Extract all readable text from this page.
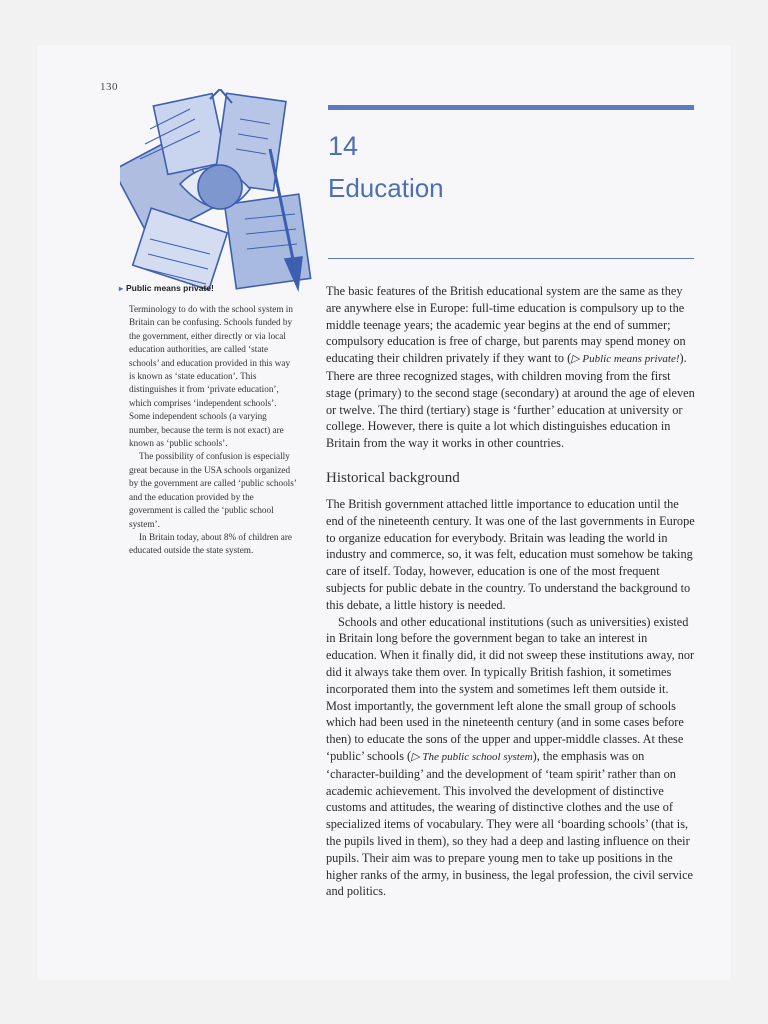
130
14
Education
▸ Public means private!

Terminology to do with the school system in Britain can be confusing. Schools funded by the government, either directly or via local education authorities, are called ‘state schools’ and education provided in this way is known as ‘state education’. This distinguishes it from ‘private education’, which comprises ‘independent schools’. Some independent schools (a varying number, because the term is not exact) are known as ‘public schools’.

The possibility of confusion is especially great because in the USA schools organized by the government are called ‘public schools’ and the education provided by the government is called the ‘public school system’.

In Britain today, about 8% of children are educated outside the state system.

The basic features of the British educational system are the same as they are anywhere else in Europe: full-time education is compulsory up to the middle teenage years; the academic year begins at the end of summer; compulsory education is free of charge, but parents may spend money on educating their children privately if they want to (▷ Public means private!). There are three recognized stages, with children moving from the first stage (primary) to the second stage (secondary) at around the age of eleven or twelve. The third (tertiary) stage is ‘further’ education at university or college. However, there is quite a lot which distinguishes education in Britain from the way it works in other countries.

Historical background

The British government attached little importance to education until the end of the nineteenth century. It was one of the last governments in Europe to organize education for everybody. Britain was leading the world in industry and commerce, so, it was felt, education must somehow be taking care of itself. Today, however, education is one of the most frequent subjects for public debate in the country. To understand the background to this debate, a little history is needed.

Schools and other educational institutions (such as universities) existed in Britain long before the government began to take an interest in education. When it finally did, it did not sweep these institutions away, nor did it always take them over. In typically British fashion, it sometimes incorporated them into the system and sometimes left them outside it. Most importantly, the government left alone the small group of schools which had been used in the nineteenth century (and in some cases before then) to educate the sons of the upper and upper-middle classes. At these ‘public’ schools (▷ The public school system), the emphasis was on ‘character-building’ and the development of ‘team spirit’ rather than on academic achievement. This involved the development of distinctive customs and attitudes, the wearing of distinctive clothes and the use of specialized items of vocabulary. They were all ‘boarding schools’ (that is, the pupils lived in them), so they had a deep and lasting influence on their pupils. Their aim was to prepare young men to take up positions in the higher ranks of the army, in business, the legal profession, the civil service and politics.
